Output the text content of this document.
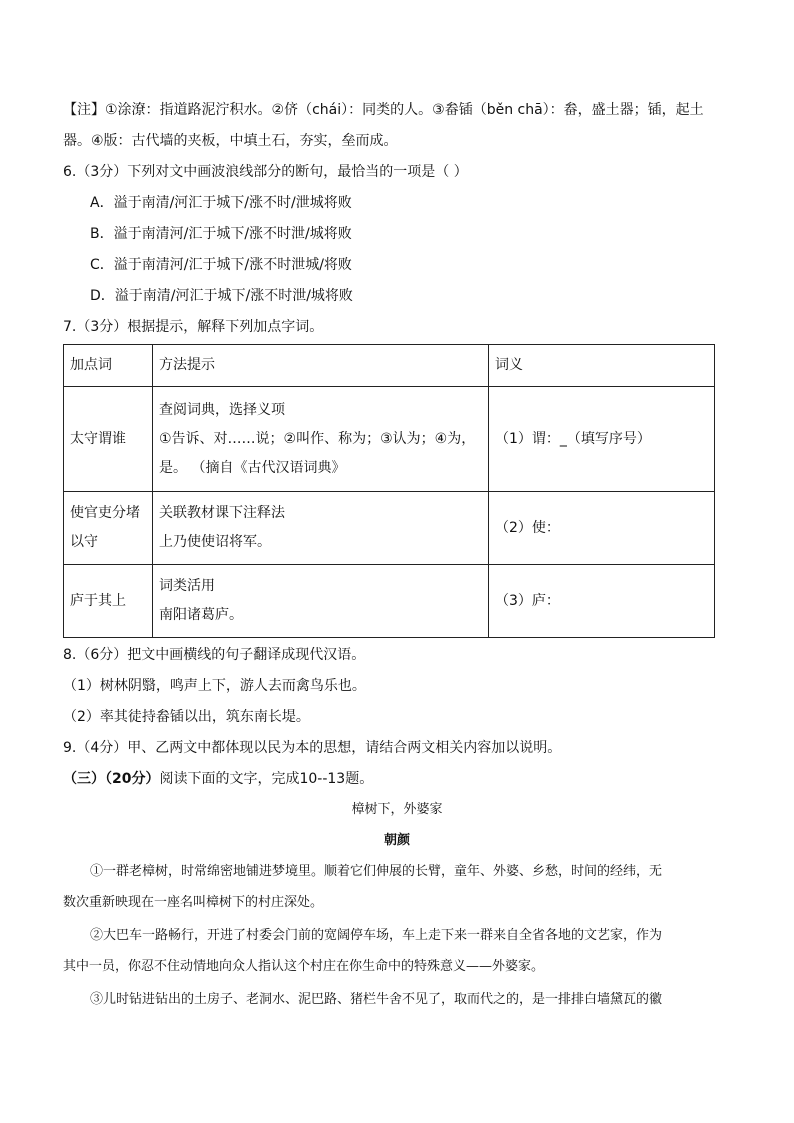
【注】①涂潦：指道路泥泞积水。②侪（chái）：同类的人。③畚锸（běn chā）：畚，盛土器；锸，起土
器。④版：古代墙的夹板，中填土石，夯实，垒而成。
6.（3分）下列对文中画波浪线部分的断句，最恰当的一项是（ ）
A．溢于南清/河汇于城下/涨不时/泄城将败
B．溢于南清河/汇于城下/涨不时泄/城将败
C．溢于南清河/汇于城下/涨不时泄城/将败
D．溢于南清/河汇于城下/涨不时泄/城将败
7.（3分）根据提示，解释下列加点字词。
加点词	方法提示	词义
太守谓谁	查阅词典，选择义项
①告诉、对……说；②叫作、称为；③认为；④为，
是。 （摘自《古代汉语词典》	（1）谓：_（填写序号）

使官吏分堵
以守	关联教材课下注释法
上乃使使诏将军。	（2）使：
庐于其上	词类活用
南阳诸葛庐。	（3）庐：
8.（6分）把文中画横线的句子翻译成现代汉语。
（1）树林阴翳，鸣声上下，游人去而禽鸟乐也。
（2）率其徒持畚锸以出，筑东南长堤。
9.（4分）甲、乙两文中都体现以民为本的思想，请结合两文相关内容加以说明。
（三）（20分）阅读下面的文字，完成10--13题。
樟树下，外婆家
朝颜
①一群老樟树，时常绵密地铺进梦境里。顺着它们伸展的长臂，童年、外婆、乡愁，时间的经纬，无
数次重新映现在一座名叫樟树下的村庄深处。
②大巴车一路畅行，开进了村委会门前的宽阔停车场，车上走下来一群来自全省各地的文艺家，作为
其中一员，你忍不住动情地向众人指认这个村庄在你生命中的特殊意义——外婆家。
③儿时钻进钻出的土房子、老洞水、泥巴路、猪栏牛舍不见了，取而代之的，是一排排白墙黛瓦的徽
